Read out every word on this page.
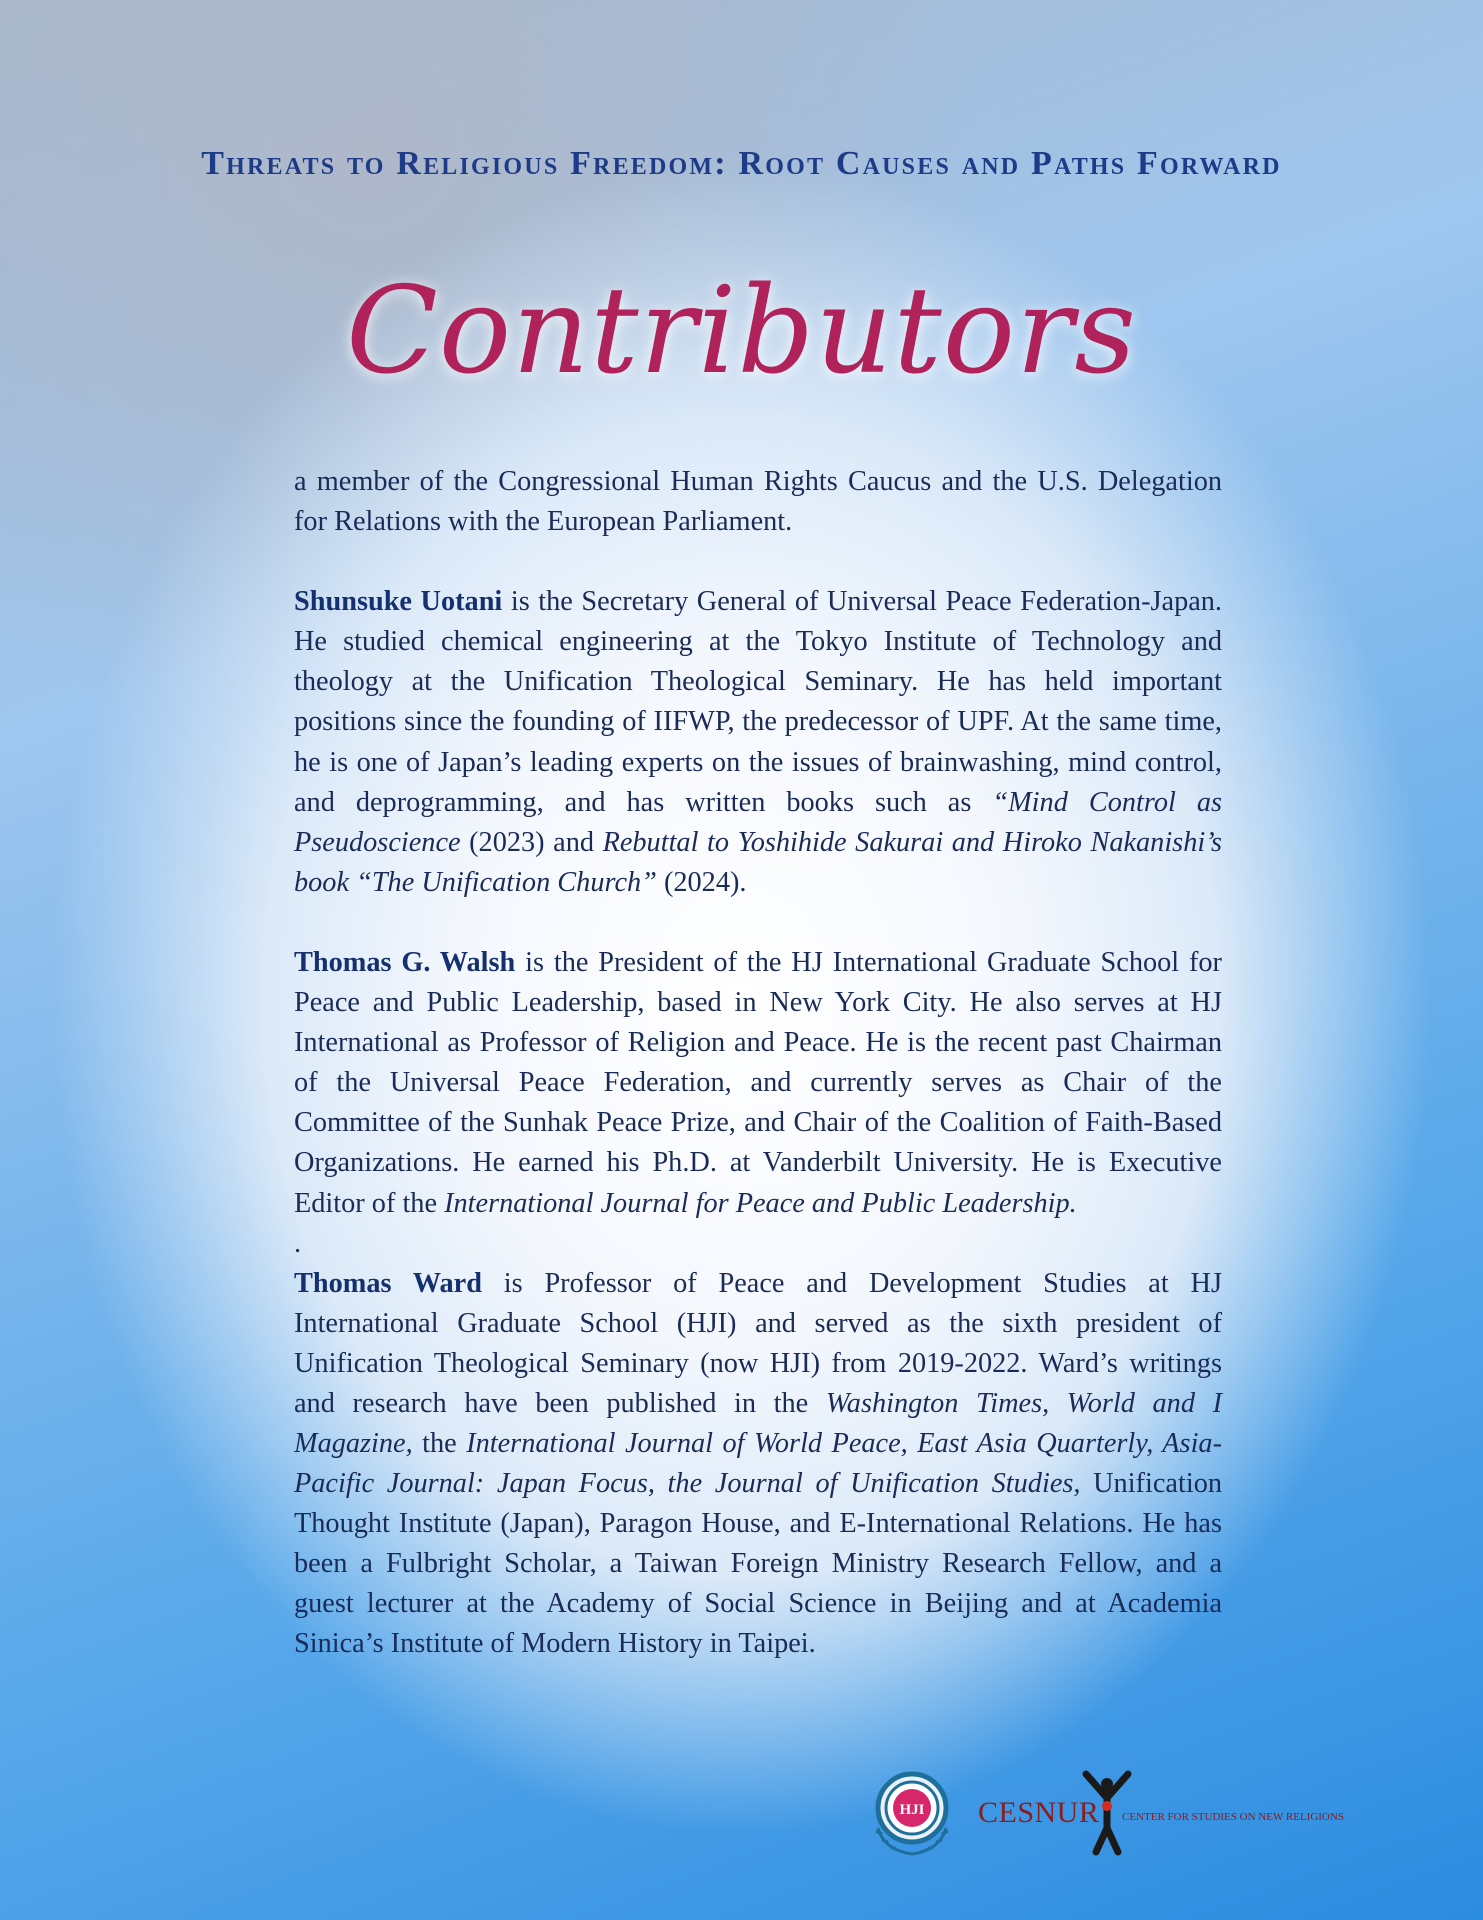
Threats to Religious Freedom: Root Causes and Paths Forward
Contributors

a member of the Congressional Human Rights Caucus and the U.S. Delegation for Relations with the European Parliament.

Shunsuke Uotani is the Secretary General of Universal Peace Federation-Japan. He studied chemical engineering at the Tokyo Institute of Technology and theology at the Unification Theological Seminary. He has held important positions since the founding of IIFWP, the predecessor of UPF. At the same time, he is one of Japan’s leading experts on the issues of brainwashing, mind control, and deprogramming, and has written books such as “Mind Control as Pseudoscience (2023) and Rebuttal to Yoshihide Sakurai and Hiroko Nakanishi’s book “The Unification Church” (2024).

Thomas G. Walsh is the President of the HJ International Graduate School for Peace and Public Leadership, based in New York City. He also serves at HJ International as Professor of Religion and Peace. He is the recent past Chairman of the Universal Peace Federation, and currently serves as Chair of the Committee of the Sunhak Peace Prize, and Chair of the Coalition of Faith-Based Organizations. He earned his Ph.D. at Vanderbilt University. He is Executive Editor of the International Journal for Peace and Public Leadership.

.

Thomas Ward is Professor of Peace and Development Studies at HJ International Graduate School (HJI) and served as the sixth president of Unification Theological Seminary (now HJI) from 2019-2022. Ward’s writings and research have been published in the Washington Times, World and I Magazine, the International Journal of World Peace, East Asia Quarterly, Asia-Pacific Journal: Japan Focus, the Journal of Unification Studies, Unification Thought Institute (Japan), Paragon House, and E-International Relations. He has been a Fulbright Scholar, a Taiwan Foreign Ministry Research Fellow, and a guest lecturer at the Academy of Social Science in Beijing and at Academia Sinica’s Institute of Modern History in Taipei.

HJI CESNUR CENTER FOR STUDIES ON NEW RELIGIONS
